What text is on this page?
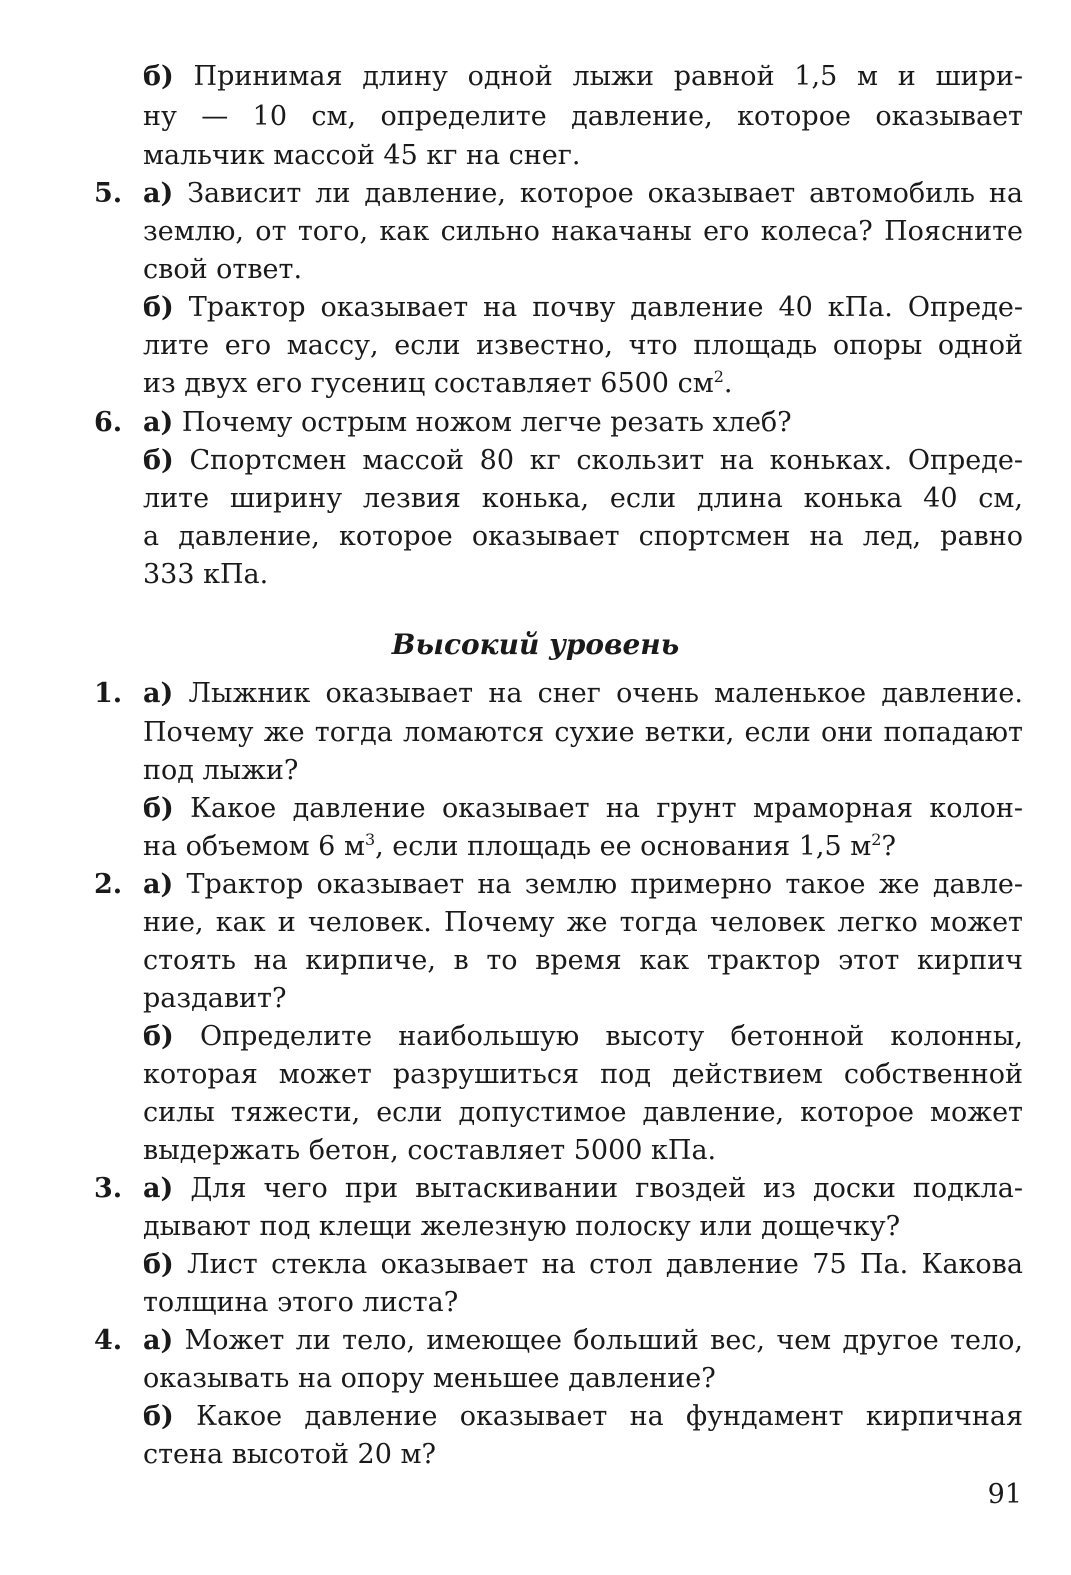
б) Принимая длину одной лыжи равной 1,5 м и шири-
ну — 10 см, определите давление, которое оказывает
мальчик массой 45 кг на снег.
5. а) Зависит ли давление, которое оказывает автомобиль на
землю, от того, как сильно накачаны его колеса? Поясните
свой ответ.
б) Трактор оказывает на почву давление 40 кПа. Опреде-
лите его массу, если известно, что площадь опоры одной
из двух его гусениц составляет 6500 $см^2$.
6. а) Почему острым ножом легче резать хлеб?
б) Спортсмен массой 80 кг скользит на коньках. Опреде-
лите ширину лезвия конька, если длина конька 40 см,
а давление, которое оказывает спортсмен на лед, равно
333 кПа.
Высокий уровень
1. а) Лыжник оказывает на снег очень маленькое давление.
Почему же тогда ломаются сухие ветки, если они попадают
под лыжи?
б) Какое давление оказывает на грунт мраморная колон-
на объемом 6 $м^3$, если площадь ее основания 1,5 $м^2$?
2. а) Трактор оказывает на землю примерно такое же давле-
ние, как и человек. Почему же тогда человек легко может
стоять на кирпиче, в то время как трактор этот кирпич
раздавит?
б) Определите наибольшую высоту бетонной колонны,
которая может разрушиться под действием собственной
силы тяжести, если допустимое давление, которое может
выдержать бетон, составляет 5000 кПа.
3. а) Для чего при вытаскивании гвоздей из доски подкла-
дывают под клещи железную полоску или дощечку?
б) Лист стекла оказывает на стол давление 75 Па. Какова
толщина этого листа?
4. а) Может ли тело, имеющее больший вес, чем другое тело,
оказывать на опору меньшее давление?
б) Какое давление оказывает на фундамент кирпичная
стена высотой 20 м?
91
